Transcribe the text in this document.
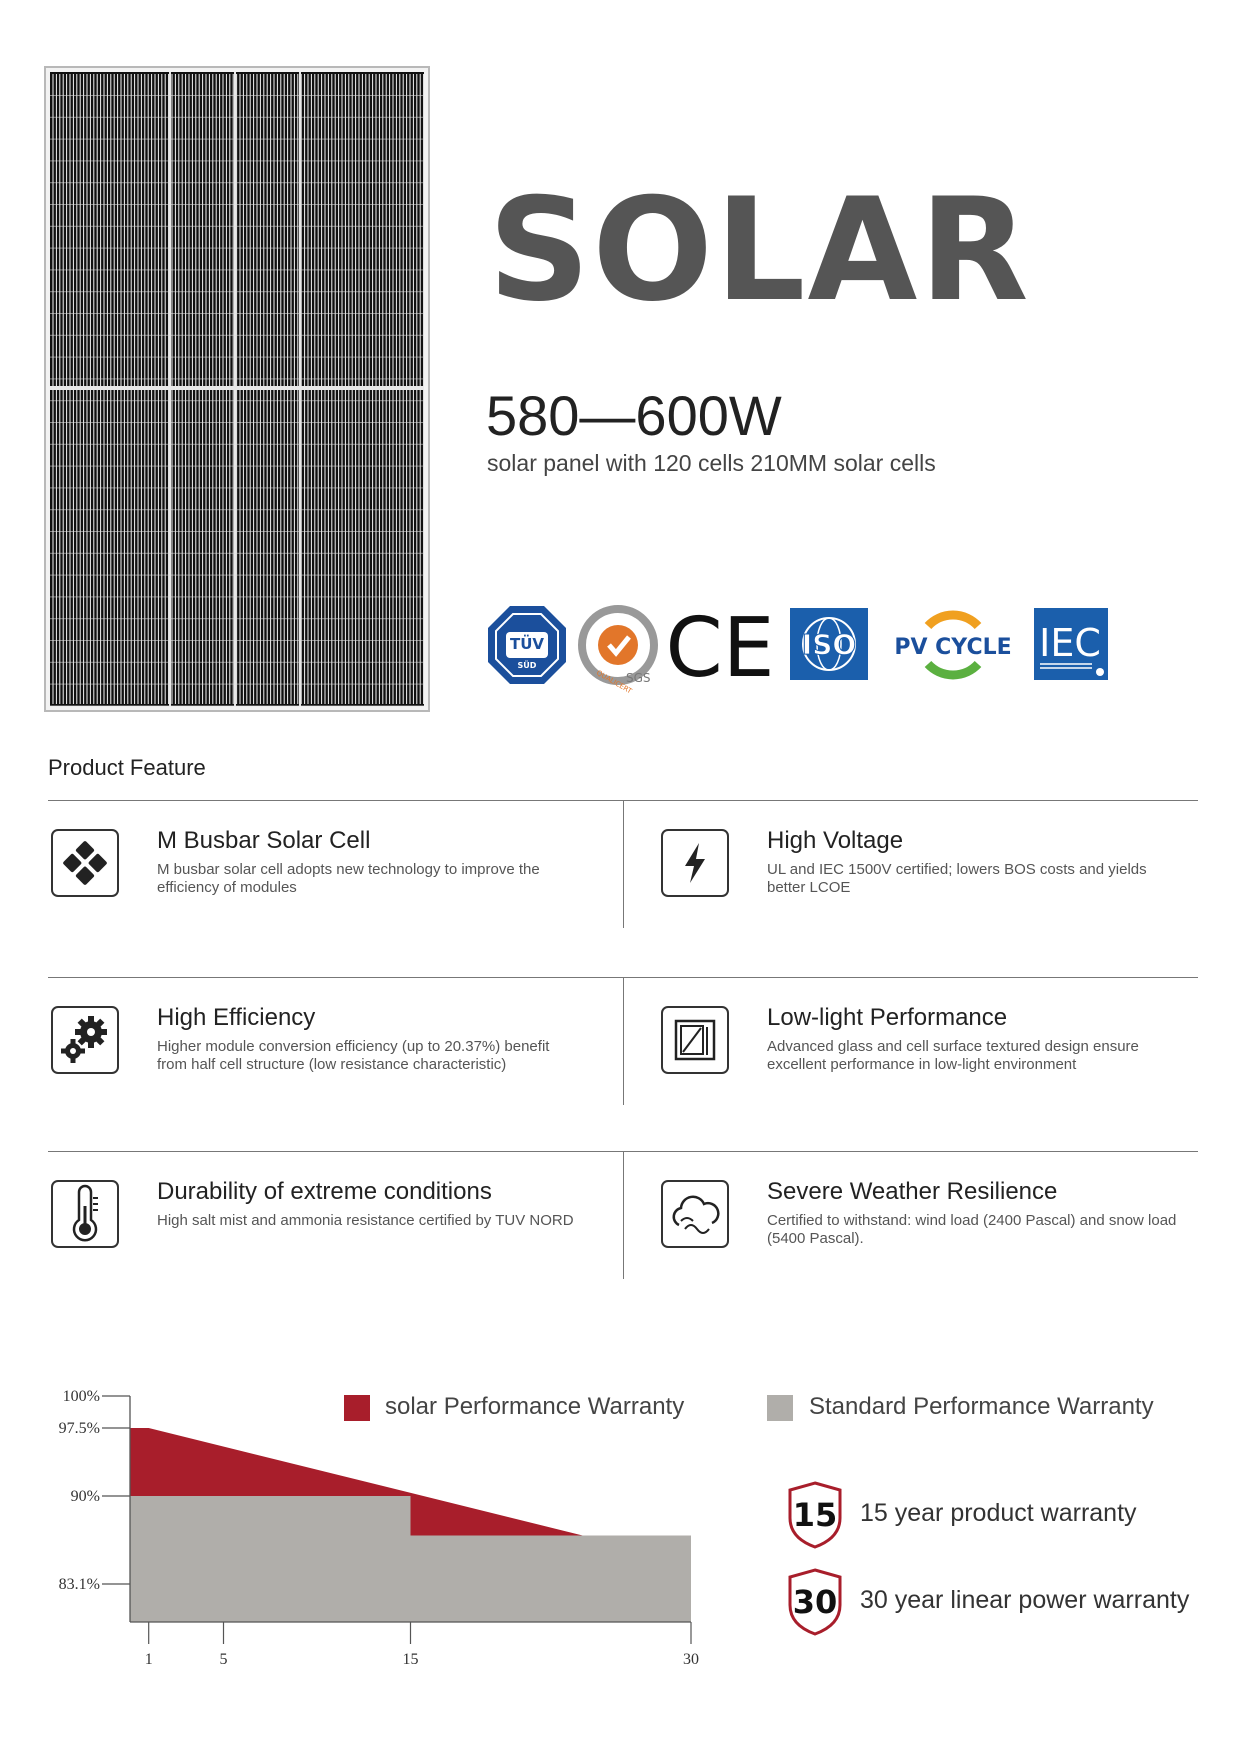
SOLAR
580—600W
solar panel with 120 cells 210MM solar cells
TÜV
SÜD
QUALICERT
SGS CE ISO PV CYCLE IEC
Product Feature
M Busbar Solar Cell
M busbar solar cell adopts new technology to improve the efficiency of modules
High Voltage
UL and IEC 1500V certified; lowers BOS costs and yields better LCOE
High Efficiency
Higher module conversion efficiency (up to 20.37%) benefit from half cell structure (low resistance characteristic)
Low-light Performance
Advanced glass and cell surface textured design ensure excellent performance in low-light environment
Durability of extreme conditions
High salt mist and ammonia resistance certified by TUV NORD
Severe Weather Resilience
Certified to withstand: wind load (2400 Pascal) and snow load (5400 Pascal).
100%
97.5%
90%
83.1%
1	5	15	30
solar Performance Warranty	Standard Performance Warranty
15 15 year product warranty
30 30 year linear power warranty
